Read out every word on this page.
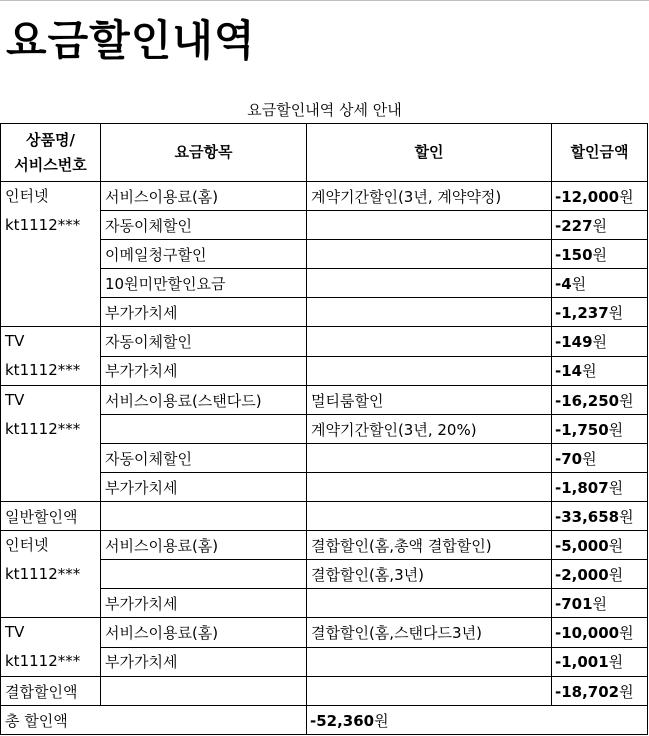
요금할인내역
요금할인내역 상세 안내
상품명/
서비스번호	요금항목	할인	할인금액
인터넷
kt1112***	서비스이용료(홈)	계약기간할인(3년, 계약약정)	-12,000원
	자동이체할인		-227원
	이메일청구할인		-150원
	10원미만할인요금		-4원
	부가가치세		-1,237원
TV
kt1112***	자동이체할인		-149원
	부가가치세		-14원
TV
kt1112***	서비스이용료(스탠다드)	멀티룸할인	-16,250원
		계약기간할인(3년, 20%)	-1,750원
	자동이체할인		-70원
	부가가치세		-1,807원
일반할인액			-33,658원
인터넷
kt1112***	서비스이용료(홈)	결합할인(홈,총액 결합할인)	-5,000원
		결합할인(홈,3년)	-2,000원
	부가가치세		-701원
TV
kt1112***	서비스이용료(홈)	결합할인(홈,스탠다드3년)	-10,000원
	부가가치세		-1,001원
결합할인액			-18,702원
총 할인액		-52,360원	
